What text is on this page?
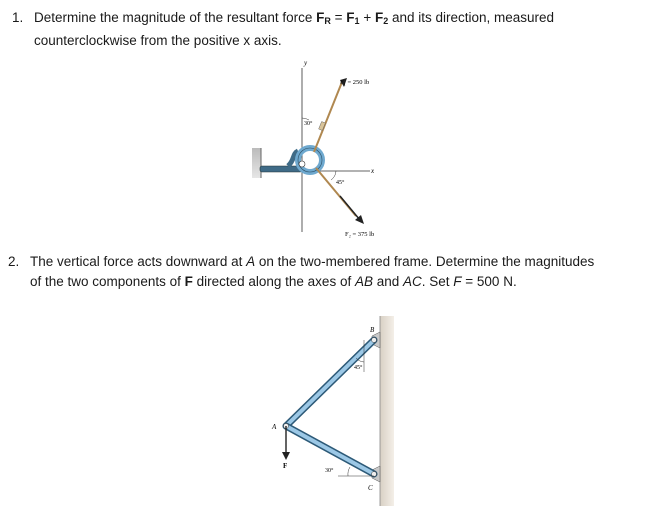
1. Determine the magnitude of the resultant force $F_R = F_1 + F_2$ and its direction, measured
counterclockwise from the positive x axis.
y
x
F₁ = 250 lb
30°
F₂ = 375 lb
45°
2. The vertical force acts downward at A on the two-membered frame. Determine the magnitudes
of the two components of F directed along the axes of AB and AC. Set F = 500 N.
B
A
C
45°
30°
F
